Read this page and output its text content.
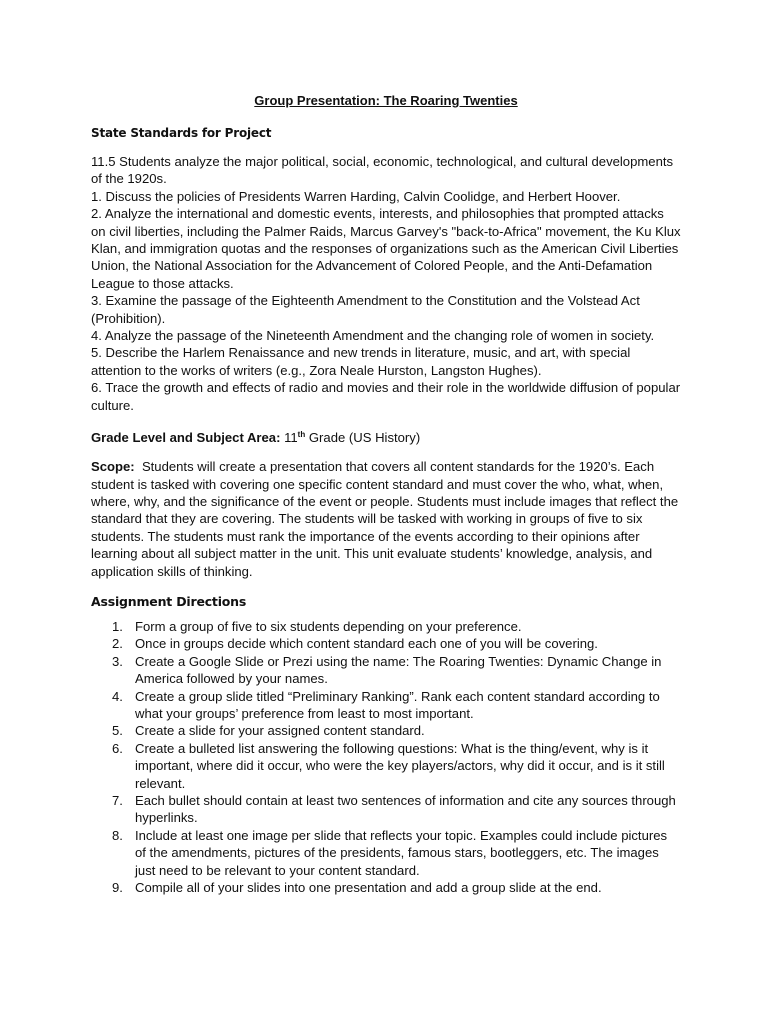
Group Presentation: The Roaring Twenties
State Standards for Project

11.5 Students analyze the major political, social, economic, technological, and cultural developments of the 1920s.

1. Discuss the policies of Presidents Warren Harding, Calvin Coolidge, and Herbert Hoover.

2. Analyze the international and domestic events, interests, and philosophies that prompted attacks on civil liberties, including the Palmer Raids, Marcus Garvey's "back-to-Africa" movement, the Ku Klux Klan, and immigration quotas and the responses of organizations such as the American Civil Liberties Union, the National Association for the Advancement of Colored People, and the Anti-Defamation League to those attacks.

3. Examine the passage of the Eighteenth Amendment to the Constitution and the Volstead Act (Prohibition).

4. Analyze the passage of the Nineteenth Amendment and the changing role of women in society.

5. Describe the Harlem Renaissance and new trends in literature, music, and art, with special attention to the works of writers (e.g., Zora Neale Hurston, Langston Hughes).

6. Trace the growth and effects of radio and movies and their role in the worldwide diffusion of popular culture.

Grade Level and Subject Area: 11th Grade (US History)
Scope: Students will create a presentation that covers all content standards for the 1920’s. Each student is tasked with covering one specific content standard and must cover the who, what, when, where, why, and the significance of the event or people. Students must include images that reflect the standard that they are covering. The students will be tasked with working in groups of five to six students. The students must rank the importance of the events according to their opinions after learning about all subject matter in the unit. This unit evaluate students’ knowledge, analysis, and application skills of thinking.
Assignment Directions
1. Form a group of five to six students depending on your preference.
2. Once in groups decide which content standard each one of you will be covering.
3. Create a Google Slide or Prezi using the name: The Roaring Twenties: Dynamic Change in America followed by your names.
4. Create a group slide titled “Preliminary Ranking”. Rank each content standard according to what your groups’ preference from least to most important.
5. Create a slide for your assigned content standard.
6. Create a bulleted list answering the following questions: What is the thing/event, why is it important, where did it occur, who were the key players/actors, why did it occur, and is it still relevant.
7. Each bullet should contain at least two sentences of information and cite any sources through hyperlinks.
8. Include at least one image per slide that reflects your topic. Examples could include pictures of the amendments, pictures of the presidents, famous stars, bootleggers, etc. The images just need to be relevant to your content standard.
9. Compile all of your slides into one presentation and add a group slide at the end.
